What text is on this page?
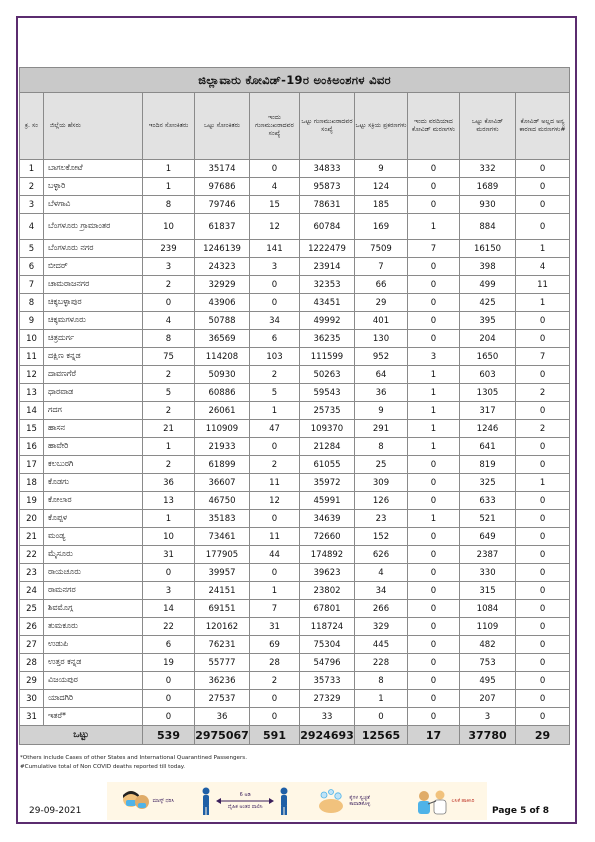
ಜಿಲ್ಲಾವಾರು ಕೋವಿಡ್-19ರ ಅಂಕಿಅಂಶಗಳ ವಿವರ									
ಕ್ರ. ಸಂ	ಜಿಲ್ಲೆಯ ಹೆಸರು	ಇಂದಿನ ಸೋಂಕಿತರು	ಒಟ್ಟು ಸೋಂಕಿತರು	ಇಂದು ಗುಣಮುಖರಾದವರ ಸಂಖ್ಯೆ	ಒಟ್ಟು ಗುಣಮುಖರಾದವರ ಸಂಖ್ಯೆ	ಒಟ್ಟು ಸಕ್ರಿಯ ಪ್ರಕರಣಗಳು	ಇಂದು ವರದಿಯಾದ ಕೋವಿಡ್ ಮರಣಗಳು	ಒಟ್ಟು ಕೋವಿಡ್ ಮರಣಗಳು	ಕೋವಿಡ್ ಅಲ್ಲದ ಅನ್ಯ ಕಾರಣದ ಮರಣಗಳು#
1	ಬಾಗಲಕೋಟೆ	1	35174	0	34833	9	0	332	0
2	ಬಳ್ಳಾರಿ	1	97686	4	95873	124	0	1689	0
3	ಬೆಳಗಾವಿ	8	79746	15	78631	185	0	930	0
4	ಬೆಂಗಳೂರು ಗ್ರಾಮಾಂತರ	10	61837	12	60784	169	1	884	0
5	ಬೆಂಗಳೂರು ನಗರ	239	1246139	141	1222479	7509	7	16150	1
6	ಬೀದರ್	3	24323	3	23914	7	0	398	4
7	ಚಾಮರಾಜನಗರ	2	32929	0	32353	66	0	499	11
8	ಚಿಕ್ಕಬಳ್ಳಾಪುರ	0	43906	0	43451	29	0	425	1
9	ಚಿಕ್ಕಮಗಳೂರು	4	50788	34	49992	401	0	395	0
10	ಚಿತ್ರದುರ್ಗ	8	36569	6	36235	130	0	204	0
11	ದಕ್ಷಿಣ ಕನ್ನಡ	75	114208	103	111599	952	3	1650	7
12	ದಾವಣಗೆರೆ	2	50930	2	50263	64	1	603	0
13	ಧಾರವಾಡ	5	60886	5	59543	36	1	1305	2
14	ಗದಗ	2	26061	1	25735	9	1	317	0
15	ಹಾಸನ	21	110909	47	109370	291	1	1246	2
16	ಹಾವೇರಿ	1	21933	0	21284	8	1	641	0
17	ಕಲಬುರಗಿ	2	61899	2	61055	25	0	819	0
18	ಕೊಡಗು	36	36607	11	35972	309	0	325	1
19	ಕೋಲಾರ	13	46750	12	45991	126	0	633	0
20	ಕೊಪ್ಪಳ	1	35183	0	34639	23	1	521	0
21	ಮಂಡ್ಯ	10	73461	11	72660	152	0	649	0
22	ಮೈಸೂರು	31	177905	44	174892	626	0	2387	0
23	ರಾಯಚೂರು	0	39957	0	39623	4	0	330	0
24	ರಾಮನಗರ	3	24151	1	23802	34	0	315	0
25	ಶಿವಮೊಗ್ಗ	14	69151	7	67801	266	0	1084	0
26	ತುಮಕೂರು	22	120162	31	118724	329	0	1109	0
27	ಉಡುಪಿ	6	76231	69	75304	445	0	482	0
28	ಉತ್ತರ ಕನ್ನಡ	19	55777	28	54796	228	0	753	0
29	ವಿಜಯಪುರ	0	36236	2	35733	8	0	495	0
30	ಯಾದಗಿರಿ	0	27537	0	27329	1	0	207	0
31	ಇತರೆ*	0	36	0	33	0	0	3	0
ಒಟ್ಟು		539	2975067	591	2924693	12565	17	37780	29
*Others include Cases of other States and International Quarantined Passengers.
#Cumulative total of Non COVID deaths reported till today.
ಮಾಸ್ಕ್ ಧರಿಸಿ
6 ಅಡಿ
ದೈಹಿಕ ಅಂತರ ಪಾಲಿಸಿ
ಕೈಗಳ ಸ್ವಚ್ಛತೆ ಕಾಪಾಡಿಕೊಳ್ಳಿ	ಲಸಿಕೆ ಹಾಕಿಸಿರಿ
29-09-2021	Page 5 of 8
